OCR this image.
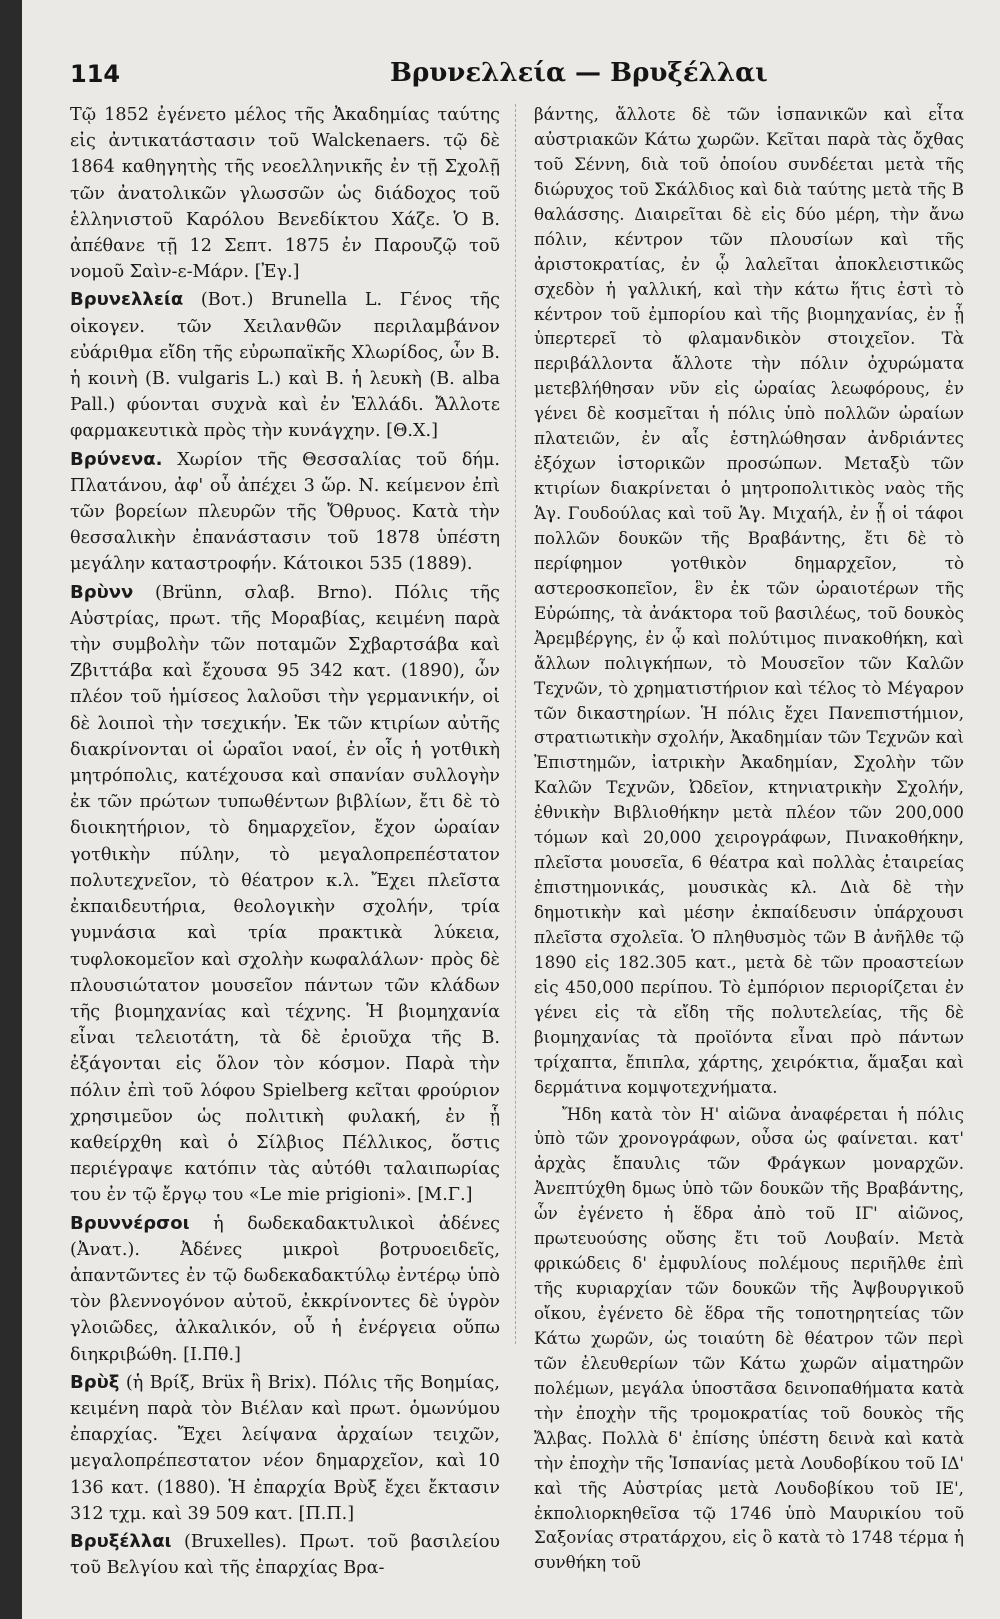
114	Βρυνελλεία — Βρυξέλλαι

Τῷ 1852 ἐγένετο μέλος τῆς Ἀκαδημίας ταύτης εἰς ἀντικατάστασιν τοῦ Walckenaers. τῷ δὲ 1864 καθηγητὴς τῆς νεοελληνικῆς ἐν τῇ Σχολῇ τῶν ἀνατολικῶν γλωσσῶν ὡς διάδοχος τοῦ ἑλληνιστοῦ Καρόλου Βενεδίκτου Χάζε. Ὁ Β. ἀπέθανε τῇ 12 Σεπτ. 1875 ἐν Παρουζῷ τοῦ νομοῦ Σαὶν-ε-Μάρν. [Ἐγ.]

Βρυνελλεία (Βοτ.) Brunella L. Γένος τῆς οἰκογεν. τῶν Χειλανθῶν περιλαμβάνον εὐάριθμα εἴδη τῆς εὐρωπαϊκῆς Χλωρίδος, ὧν Β. ἡ κοινὴ (Β. vulgaris L.) καὶ Β. ἡ λευκὴ (Β. alba Pall.) φύονται συχνὰ καὶ ἐν Ἑλλάδι. Ἄλλοτε φαρμακευτικὰ πρὸς τὴν κυνάγχην. [Θ.Χ.]

Βρύνενα. Χωρίον τῆς Θεσσαλίας τοῦ δήμ. Πλατάνου, ἀφ' οὗ ἀπέχει 3 ὥρ. Ν. κείμενον ἐπὶ τῶν βορείων πλευρῶν τῆς Ὄθρυος. Κατὰ τὴν θεσσαλικὴν ἐπανάστασιν τοῦ 1878 ὑπέστη μεγάλην καταστροφήν. Κάτοικοι 535 (1889).

Βρὺνν (Brünn, σλαβ. Brno). Πόλις τῆς Αὐστρίας, πρωτ. τῆς Μοραβίας, κειμένη παρὰ τὴν συμβολὴν τῶν ποταμῶν Σχβαρτσάβα καὶ Ζβιττάβα καὶ ἔχουσα 95 342 κατ. (1890), ὧν πλέον τοῦ ἡμίσεος λαλοῦσι τὴν γερμανικήν, οἱ δὲ λοιποὶ τὴν τσεχικήν. Ἐκ τῶν κτιρίων αὐτῆς διακρίνονται οἱ ὡραῖοι ναοί, ἐν οἷς ἡ γοτθικὴ μητρόπολις, κατέχουσα καὶ σπανίαν συλλογὴν ἐκ τῶν πρώτων τυπωθέντων βιβλίων, ἔτι δὲ τὸ διοικητήριον, τὸ δημαρχεῖον, ἔχον ὡραίαν γοτθικὴν πύλην, τὸ μεγαλοπρεπέστατον πολυτεχνεῖον, τὸ θέατρον κ.λ. Ἔχει πλεῖστα ἐκπαιδευτήρια, θεολογικὴν σχολήν, τρία γυμνάσια καὶ τρία πρακτικὰ λύκεια, τυφλοκομεῖον καὶ σχολὴν κωφαλάλων· πρὸς δὲ πλουσιώτατον μουσεῖον πάντων τῶν κλάδων τῆς βιομηχανίας καὶ τέχνης. Ἡ βιομηχανία εἶναι τελειοτάτη, τὰ δὲ ἐριοῦχα τῆς Β. ἐξάγονται εἰς ὅλον τὸν κόσμον. Παρὰ τὴν πόλιν ἐπὶ τοῦ λόφου Spielberg κεῖται φρούριον χρησιμεῦον ὡς πολιτικὴ φυλακή, ἐν ᾗ καθείρχθη καὶ ὁ Σίλβιος Πέλλικος, ὅστις περιέγραψε κατόπιν τὰς αὐτόθι ταλαιπωρίας του ἐν τῷ ἔργῳ του «Le mie prigioni». [Μ.Γ.]

Βρυννέρσοι ἡ δωδεκαδακτυλικοὶ ἀδένες (Ἀνατ.). Ἀδένες μικροὶ βοτρυοειδεῖς, ἀπαντῶντες ἐν τῷ δωδεκαδακτύλῳ ἐντέρῳ ὑπὸ τὸν βλεννογόνον αὐτοῦ, ἐκκρίνοντες δὲ ὑγρὸν γλοιῶδες, ἀλκαλικόν, οὗ ἡ ἐνέργεια οὔπω διηκριβώθη. [Ι.Πθ.]

Βρὺξ (ἡ Βρίξ, Brüx ἢ Brix). Πόλις τῆς Βοημίας, κειμένη παρὰ τὸν Βιέλαν καὶ πρωτ. ὁμωνύμου ἐπαρχίας. Ἔχει λείψανα ἀρχαίων τειχῶν, μεγαλοπρέπεστατον νέον δημαρχεῖον, καὶ 10 136 κατ. (1880). Ἡ ἐπαρχία Βρὺξ ἔχει ἔκτασιν 312 τχμ. καὶ 39 509 κατ. [Π.Π.]

Βρυξέλλαι (Bruxelles). Πρωτ. τοῦ βασιλείου τοῦ Βελγίου καὶ τῆς ἐπαρχίας Βρα-

βάντης, ἄλλοτε δὲ τῶν ἱσπανικῶν καὶ εἶτα αὐστριακῶν Κάτω χωρῶν. Κεῖται παρὰ τὰς ὄχθας τοῦ Σέννη, διὰ τοῦ ὁποίου συνδέεται μετὰ τῆς διώρυχος τοῦ Σκάλδιος καὶ διὰ ταύτης μετὰ τῆς Β θαλάσσης. Διαιρεῖται δὲ εἰς δύο μέρη, τὴν ἄνω πόλιν, κέντρον τῶν πλουσίων καὶ τῆς ἀριστοκρατίας, ἐν ᾧ λαλεῖται ἀποκλειστικῶς σχεδὸν ἡ γαλλική, καὶ τὴν κάτω ἥτις ἐστὶ τὸ κέντρον τοῦ ἐμπορίου καὶ τῆς βιομηχανίας, ἐν ᾗ ὑπερτερεῖ τὸ φλαμανδικὸν στοιχεῖον. Τὰ περιβάλλοντα ἄλλοτε τὴν πόλιν ὀχυρώματα μετεβλήθησαν νῦν εἰς ὡραίας λεωφόρους, ἐν γένει δὲ κοσμεῖται ἡ πόλις ὑπὸ πολλῶν ὡραίων πλατειῶν, ἐν αἷς ἑστηλώθησαν ἀνδριάντες ἐξόχων ἱστορικῶν προσώπων. Μεταξὺ τῶν κτιρίων διακρίνεται ὁ μητροπολιτικὸς ναὸς τῆς Ἁγ. Γουδούλας καὶ τοῦ Ἁγ. Μιχαήλ, ἐν ᾗ οἱ τάφοι πολλῶν δουκῶν τῆς Βραβάντης, ἔτι δὲ τὸ περίφημον γοτθικὸν δημαρχεῖον, τὸ αστεροσκοπεῖον, ἓν ἐκ τῶν ὡραιοτέρων τῆς Εὐρώπης, τὰ ἀνάκτορα τοῦ βασιλέως, τοῦ δουκὸς Ἀρεμβέργης, ἐν ᾧ καὶ πολύτιμος πινακοθήκη, καὶ ἄλλων πολιγκήπων, τὸ Μουσεῖον τῶν Καλῶν Τεχνῶν, τὸ χρηματιστήριον καὶ τέλος τὸ Μέγαρον τῶν δικαστηρίων. Ἡ πόλις ἔχει Πανεπιστήμιον, στρατιωτικὴν σχολήν, Ἀκαδημίαν τῶν Τεχνῶν καὶ Ἐπιστημῶν, ἰατρικὴν Ἀκαδημίαν, Σχολὴν τῶν Καλῶν Τεχνῶν, Ὠδεῖον, κτηνιατρικὴν Σχολήν, ἐθνικὴν Βιβλιοθήκην μετὰ πλέον τῶν 200,000 τόμων καὶ 20,000 χειρογράφων, Πινακοθήκην, πλεῖστα μουσεῖα, 6 θέατρα καὶ πολλὰς ἑταιρείας ἐπιστημονικάς, μουσικὰς κλ. Διὰ δὲ τὴν δημοτικὴν καὶ μέσην ἐκπαίδευσιν ὑπάρχουσι πλεῖστα σχολεῖα. Ὁ πληθυσμὸς τῶν Β ἀνῆλθε τῷ 1890 εἰς 182.305 κατ., μετὰ δὲ τῶν προαστείων εἰς 450,000 περίπου. Τὸ ἐμπόριον περιορίζεται ἐν γένει εἰς τὰ εἴδη τῆς πολυτελείας, τῆς δὲ βιομηχανίας τὰ προϊόντα εἶναι πρὸ πάντων τρίχαπτα, ἔπιπλα, χάρτης, χειρόκτια, ἅμαξαι καὶ δερμάτινα κομψοτεχνήματα.

Ἤδη κατὰ τὸν Η' αἰῶνα ἀναφέρεται ἡ πόλις ὑπὸ τῶν χρονογράφων, οὖσα ὡς φαίνεται. κατ' ἀρχὰς ἔπαυλις τῶν Φράγκων μοναρχῶν. Ἀνεπτύχθη δμως ὑπὸ τῶν δουκῶν τῆς Βραβάντης, ὧν ἐγένετο ἡ ἕδρα ἀπὸ τοῦ ΙΓ' αἰῶνος, πρωτευούσης οὔσης ἔτι τοῦ Λουβαίν. Μετὰ φρικώδεις δ' ἐμφυλίους πολέμους περιῆλθε ἐπὶ τῆς κυριαρχίαν τῶν δουκῶν τῆς Ἀψβουργικοῦ οἴκου, ἐγένετο δὲ ἕδρα τῆς τοποτηρητείας τῶν Κάτω χωρῶν, ὡς τοιαύτη δὲ θέατρον τῶν περὶ τῶν ἐλευθερίων τῶν Κάτω χωρῶν αἱματηρῶν πολέμων, μεγάλα ὑποστᾶσα δεινοπαθήματα κατὰ τὴν ἐποχὴν τῆς τρομοκρατίας τοῦ δουκὸς τῆς Ἄλβας. Πολλὰ δ' ἐπίσης ὑπέστη δεινὰ καὶ κατὰ τὴν ἐποχὴν τῆς Ἱσπανίας μετὰ Λουδοβίκου τοῦ ΙΔ' καὶ τῆς Αὐστρίας μετὰ Λουδοβίκου τοῦ ΙΕ', ἐκπολιορκηθεῖσα τῷ 1746 ὑπὸ Μαυρικίου τοῦ Σαξονίας στρατάρχου, εἰς ὃ κατὰ τὸ 1748 τέρμα ἡ συνθήκη τοῦ
